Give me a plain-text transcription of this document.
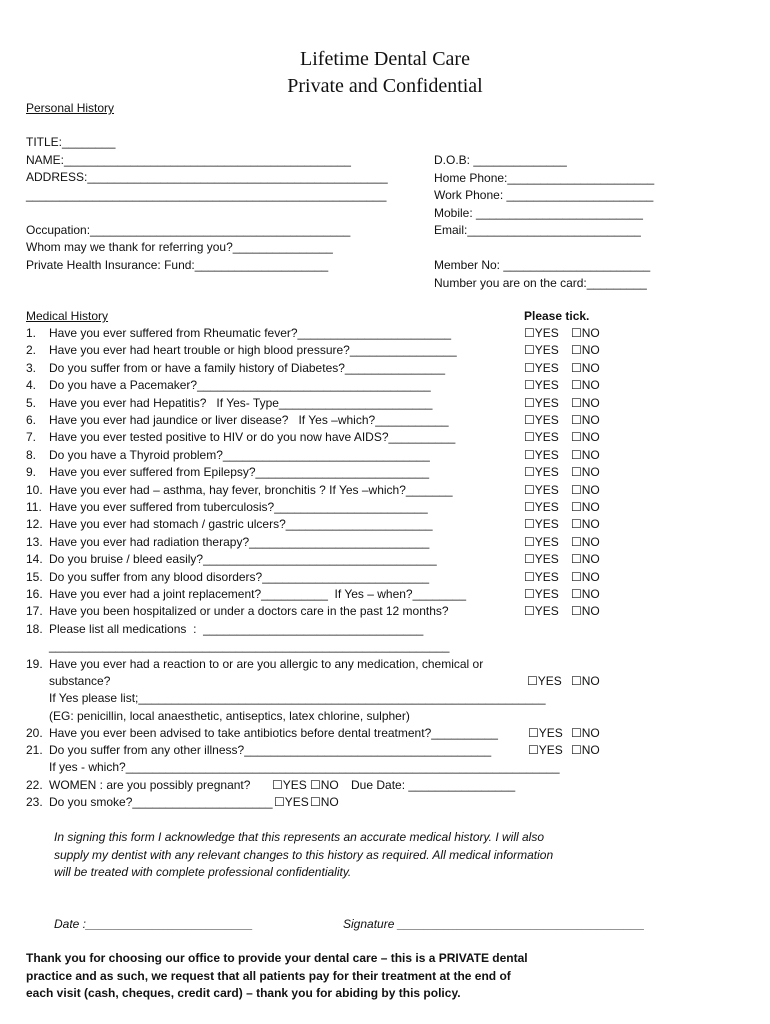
Lifetime Dental Care
Private and Confidential
Personal History
TITLE:________
NAME:___________________________________________
ADDRESS:_____________________________________________
______________________________________________________
Occupation:_______________________________________
Whom may we thank for referring you?_______________
Private Health Insurance: Fund:____________________
D.O.B: ______________
Home Phone:______________________
Work Phone: ______________________
Mobile: _________________________
Email:__________________________
Member No: ______________________
Number you are on the card:_________
Medical History	Please tick.
1. Have you ever suffered from Rheumatic fever?_______________________	☐YES ☐NO
2. Have you ever had heart trouble or high blood pressure?________________	☐YES ☐NO
3. Do you suffer from or have a family history of Diabetes?_______________	☐YES ☐NO
4. Do you have a Pacemaker?___________________________________	☐YES ☐NO
5. Have you ever had Hepatitis?   If Yes- Type_______________________	☐YES ☐NO
6. Have you ever had jaundice or liver disease?   If Yes –which?___________	☐YES ☐NO
7. Have you ever tested positive to HIV or do you now have AIDS?__________	☐YES ☐NO
8. Do you have a Thyroid problem?_______________________________	☐YES ☐NO
9. Have you ever suffered from Epilepsy?__________________________	☐YES ☐NO
10. Have you ever had – asthma, hay fever, bronchitis ? If Yes –which?_______	☐YES ☐NO
11. Have you ever suffered from tuberculosis?_______________________	☐YES ☐NO
12. Have you ever had stomach / gastric ulcers?______________________	☐YES ☐NO
13. Have you ever had radiation therapy?___________________________	☐YES ☐NO
14. Do you bruise / bleed easily?___________________________________	☐YES ☐NO
15. Do you suffer from any blood disorders?_________________________	☐YES ☐NO
16. Have you ever had a joint replacement?__________  If Yes – when?________	☐YES ☐NO
17. Have you been hospitalized or under a doctors care in the past 12 months?	☐YES ☐NO
18. Please list all medications  :  _________________________________
____________________________________________________________
19. Have you ever had a reaction to or are you allergic to any medication, chemical or
substance?	☐YES ☐NO
If Yes please list;_____________________________________________________________
(EG: penicillin, local anaesthetic, antiseptics, latex chlorine, sulpher)
20. Have you ever been advised to take antibiotics before dental treatment?__________	☐YES ☐NO
21. Do you suffer from any other illness?_____________________________________	☐YES ☐NO
If yes - which?_________________________________________________________________
22. WOMEN : are you possibly pregnant? ☐YES ☐NO Due Date: ________________
23. Do you smoke?_____________________ ☐YES ☐NO
In signing this form I acknowledge that this represents an accurate medical history. I will also supply my dentist with any relevant changes to this history as required. All medical information will be treated with complete professional confidentiality.
Date :_________________________	Signature _____________________________________
Thank you for choosing our office to provide your dental care – this is a PRIVATE dental practice and as such, we request that all patients pay for their treatment at the end of each visit (cash, cheques, credit card) – thank you for abiding by this policy.
